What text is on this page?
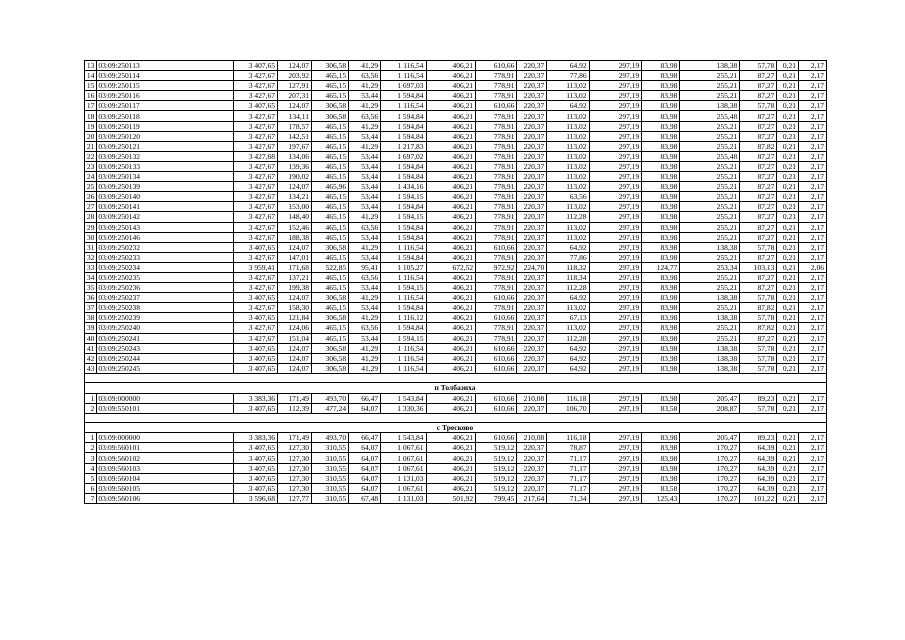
13	03:09:250113	3 407,65	124,07	306,58	41,29	1 116,54	406,21	610,66	220,37	64,92	297,19	83,98	138,38	57,78	0,21	2,17
14	03:09:250114	3 427,67	203,92	465,15	63,56	1 116,54	406,21	778,91	220,37	77,86	297,19	83,98	255,21	87,27	0,21	2,17
15	03:09:250115	3 427,67	127,91	465,15	41,29	1 697,03	406,21	778,91	220,37	113,02	297,19	83,98	255,21	87,27	0,21	2,17
16	03:09:250116	3 427,67	207,31	465,15	53,44	1 594,84	406,21	778,91	220,37	113,02	297,19	83,98	255,21	87,27	0,21	2,17
17	03:09:250117	3 407,65	124,07	306,58	41,29	1 116,54	406,21	610,66	220,37	64,92	297,19	83,98	138,38	57,78	0,21	2,17
18	03:09:250118	3 427,67	134,11	306,58	63,56	1 594,84	406,21	778,91	220,37	113,02	297,19	83,98	255,48	87,27	0,21	2,17
19	03:09:250119	3 427,67	178,57	465,15	41,29	1 594,84	406,21	778,91	220,37	113,02	297,19	83,98	255,21	87,27	0,21	2,17
20	03:09:250120	3 427,67	142,51	465,15	53,44	1 594,84	406,21	778,91	220,37	113,02	297,19	83,98	255,21	87,27	0,21	2,17
21	03:09:250121	3 427,67	197,67	465,15	41,29	1 217,83	406,21	778,91	220,37	113,02	297,19	83,98	255,21	87,82	0,21	2,17
22	03:09:250132	3 427,68	134,06	465,15	53,44	1 697,02	406,21	778,91	220,37	113,02	297,19	83,98	255,48	87,27	0,21	2,17
23	03:09:250133	3 427,67	139,36	465,15	53,44	1 594,84	406,21	778,91	220,37	113,02	297,19	83,98	255,21	87,27	0,21	2,17
24	03:09:250134	3 427,67	190,02	465,15	53,44	1 594,84	406,21	778,91	220,37	113,02	297,19	83,98	255,21	87,27	0,21	2,17
25	03:09:250139	3 427,67	124,07	465,96	53,44	1 434,16	406,21	778,91	220,37	113,02	297,19	83,98	255,21	87,27	0,21	2,17
26	03:09:250140	3 427,67	134,21	465,15	53,44	1 594,15	406,21	778,91	220,37	63,56	297,19	83,98	255,21	87,27	0,21	2,17
27	03:09:250141	3 427,67	153,00	465,15	53,44	1 594,84	406,21	778,91	220,37	113,02	297,19	83,98	255,21	87,27	0,21	2,17
28	03:09:250142	3 427,67	148,40	465,15	41,29	1 594,15	406,21	778,91	220,37	112,28	297,19	83,98	255,21	87,27	0,21	2,17
29	03:09:250143	3 427,67	152,46	465,15	63,56	1 594,84	406,21	778,91	220,37	113,02	297,19	83,98	255,21	87,27	0,21	2,17
30	03:09:250146	3 427,67	188,38	465,15	53,44	1 594,84	406,21	778,91	220,37	113,02	297,19	83,98	255,21	87,27	0,21	2,17
31	03:09:250232	3 407,65	124,07	306,58	41,29	1 116,54	406,21	610,66	220,37	64,92	297,19	83,98	138,38	57,78	0,21	2,17
32	03:09:250233	3 427,67	147,01	465,15	53,44	1 594,84	406,21	778,91	220,37	77,86	297,19	83,98	255,21	87,27	0,21	2,17
33	03:09:250234	3 959,41	171,68	522,85	95,41	1 105,27	672,52	972,92	224,70	118,32	297,19	124,77	253,34	103,13	0,21	2,06
34	03:09:250235	3 427,67	137,21	465,15	63,56	1 116,54	406,21	778,91	220,37	118,34	297,19	83,98	255,21	87,27	0,21	2,17
35	03:09:250236	3 427,67	199,38	465,15	53,44	1 594,15	406,21	778,91	220,37	112,28	297,19	83,98	255,21	87,27	0,21	2,17
36	03:09:250237	3 407,65	124,07	306,58	41,29	1 116,54	406,21	610,66	220,37	64,92	297,19	83,98	138,38	57,78	0,21	2,17
37	03:09:250238	3 427,67	158,30	465,15	53,44	1 594,84	406,21	778,91	220,37	113,02	297,19	83,98	255,21	87,82	0,21	2,17
38	03:09:250239	3 407,65	121,84	306,58	41,29	1 116,12	406,21	610,66	220,37	67,13	297,19	83,98	138,38	57,78	0,21	2,17
39	03:09:250240	3 427,67	124,06	465,15	63,56	1 594,84	406,21	778,91	220,37	113,02	297,19	83,98	255,21	87,82	0,21	2,17
40	03:09:250241	3 427,67	151,04	465,15	53,44	1 594,15	406,21	778,91	220,37	112,28	297,19	83,98	255,21	87,27	0,21	2,17
41	03:09:250243	3 407,65	124,07	306,58	41,29	1 116,54	406,21	610,66	220,37	64,92	297,19	83,98	138,38	57,78	0,21	2,17
42	03:09:250244	3 407,65	124,07	306,58	41,29	1 116,54	406,21	610,66	220,37	64,92	297,19	83,98	138,38	57,78	0,21	2,17
43	03:09:250245	3 407,65	124,07	306,58	41,29	1 116,54	406,21	610,66	220,37	64,92	297,19	83,98	138,38	57,78	0,21	2,17

п Толбазиха																
1	03:09:000000	3 383,36	171,49	493,70	66,47	1 543,84	406,21	610,66	210,08	116,18	297,19	83,98	205,47	89,23	0,21	2,17
2	03:09:550101	3 407,65	112,39	477,24	64,07	1 330,36	406,21	610,66	220,37	106,70	297,19	83,58	208,87	57,78	0,21	2,17

с Тресково																
1	03:09:000000	3 383,36	171,49	493,70	66,47	1 543,84	406,21	610,66	210,08	116,18	297,19	83,98	205,47	89,23	0,21	2,17
2	03:09:560101	3 407,65	127,30	310,55	64,07	1 067,61	406,21	519,12	220,37	78,87	297,19	83,98	170,27	64,39	0,21	2,17
3	03:09:560102	3 407,65	127,30	310,55	64,07	1 067,61	406,21	519,12	220,37	71,17	297,19	83,98	170,27	64,39	0,21	2,17
4	03:09:560103	3 407,65	127,30	310,55	64,07	1 067,61	406,21	519,12	220,37	71,17	297,19	83,98	170,27	64,39	0,21	2,17
5	03:09:560104	3 407,65	127,30	310,55	64,07	1 131,03	406,21	519,12	220,37	71,17	297,19	83,98	170,27	64,39	0,21	2,17
6	03:09:560105	3 407,65	127,30	310,55	64,07	1 067,61	406,21	519,12	220,37	71,17	297,19	83,58	170,27	64,39	0,21	2,17
7	03:09:560106	3 596,68	127,77	310,55	67,48	1 131,03	501,92	799,45	217,64	71,34	297,19	125,43	170,27	101,22	0,21	2,17
